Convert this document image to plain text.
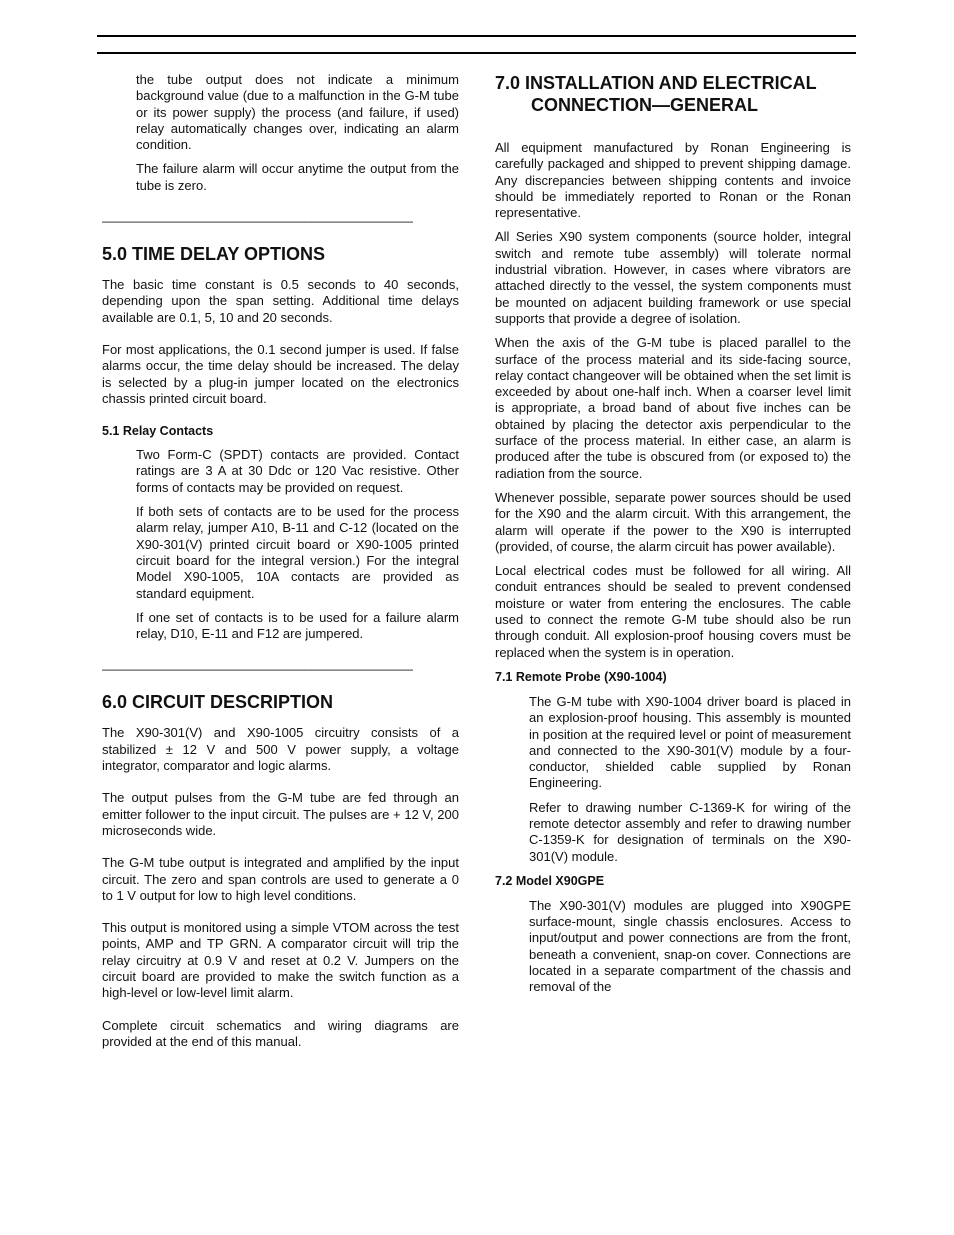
the tube output does not indicate a minimum background value (due to a malfunction in the G-M tube or its power supply) the process (and failure, if used) relay automatically changes over, indicating an alarm condition.

The failure alarm will occur anytime the output from the tube is zero.

___________________________________________

5.0 TIME DELAY OPTIONS

The basic time constant is 0.5 seconds to 40 seconds, depending upon the span setting. Additional time delays available are 0.1, 5, 10 and 20 seconds.

For most applications, the 0.1 second jumper is used. If false alarms occur, the time delay should be increased. The delay is selected by a plug-in jumper located on the electronics chassis printed circuit board.

5.1 Relay Contacts

Two Form-C (SPDT) contacts are provided. Contact ratings are 3 A at 30 Ddc or 120 Vac resistive. Other forms of contacts may be provided on request.

If both sets of contacts are to be used for the process alarm relay, jumper A10, B-11 and C-12 (located on the X90-301(V) printed circuit board or X90-1005 printed circuit board for the integral version.) For the integral Model X90-1005, 10A contacts are provided as standard equipment.

If one set of contacts is to be used for a failure alarm relay, D10, E-11 and F12 are jumpered.

___________________________________________

6.0 CIRCUIT DESCRIPTION

The X90-301(V) and X90-1005 circuitry consists of a stabilized ± 12 V and 500 V power supply, a voltage integrator, comparator and logic alarms.

The output pulses from the G-M tube are fed through an emitter follower to the input circuit. The pulses are + 12 V, 200 microseconds wide.

The G-M tube output is integrated and amplified by the input circuit. The zero and span controls are used to generate a 0 to 1 V output for low to high level conditions.

This output is monitored using a simple VTOM across the test points, AMP and TP GRN. A comparator circuit will trip the relay circuitry at 0.9 V and reset at 0.2 V. Jumpers on the circuit board are provided to make the switch function as a high-level or low-level limit alarm.

Complete circuit schematics and wiring diagrams are provided at the end of this manual.

7.0 INSTALLATION AND ELECTRICAL
CONNECTION—GENERAL

All equipment manufactured by Ronan Engineering is carefully packaged and shipped to prevent shipping damage. Any discrepancies between shipping contents and invoice should be immediately reported to Ronan or the Ronan representative.

All Series X90 system components (source holder, integral switch and remote tube assembly) will tolerate normal industrial vibration. However, in cases where vibrators are attached directly to the vessel, the system components must be mounted on adjacent building framework or use special supports that provide a degree of isolation.

When the axis of the G-M tube is placed parallel to the surface of the process material and its side-facing source, relay contact changeover will be obtained when the set limit is exceeded by about one-half inch. When a coarser level limit is appropriate, a broad band of about five inches can be obtained by placing the detector axis perpendicular to the surface of the process material. In either case, an alarm is produced after the tube is obscured from (or exposed to) the radiation from the source.

Whenever possible, separate power sources should be used for the X90 and the alarm circuit. With this arrangement, the alarm will operate if the power to the X90 is interrupted (provided, of course, the alarm circuit has power available).

Local electrical codes must be followed for all wiring. All conduit entrances should be sealed to prevent condensed moisture or water from entering the enclosures. The cable used to connect the remote G-M tube should also be run through conduit. All explosion-proof housing covers must be replaced when the system is in operation.

7.1 Remote Probe (X90-1004)

The G-M tube with X90-1004 driver board is placed in an explosion-proof housing. This assembly is mounted in position at the required level or point of measurement and connected to the X90-301(V) module by a four-conductor, shielded cable supplied by Ronan Engineering.

Refer to drawing number C-1369-K for wiring of the remote detector assembly and refer to drawing number C-1359-K for designation of terminals on the X90-301(V) module.

7.2 Model X90GPE

The X90-301(V) modules are plugged into X90GPE surface-mount, single chassis enclosures. Access to input/output and power connections are from the front, beneath a convenient, snap-on cover. Connections are located in a separate compartment of the chassis and removal of the
